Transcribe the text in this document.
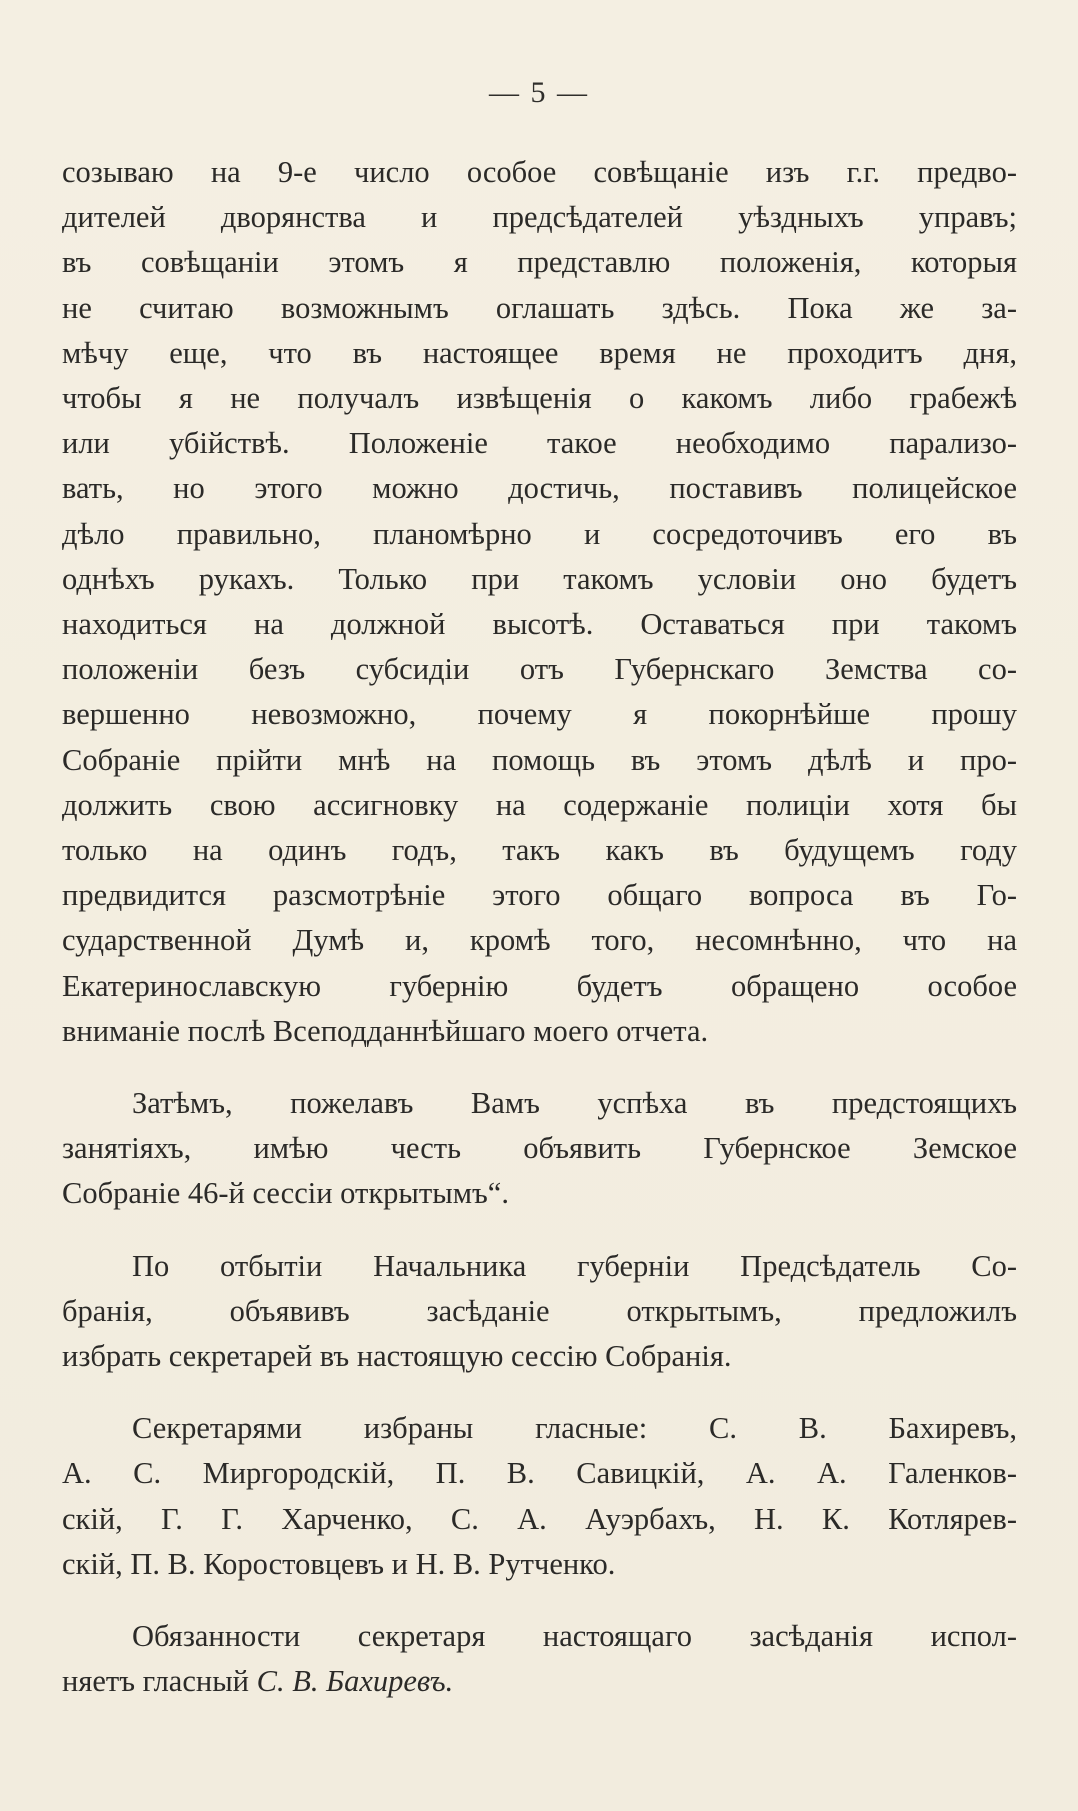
— 5 —
созываю на 9-е число особое совѣщаніе изъ г.г. предво-
дителей дворянства и предсѣдателей уѣздныхъ управъ;
въ совѣщаніи этомъ я представлю положенія, которыя
не считаю возможнымъ оглашать здѣсь. Пока же за-
мѣчу еще, что въ настоящее время не проходитъ дня,
чтобы я не получалъ извѣщенія о какомъ либо грабежѣ
или убійствѣ. Положеніе такое необходимо парализо-
вать, но этого можно достичь, поставивъ полицейское
дѣло правильно, планомѣрно и сосредоточивъ его въ
однѣхъ рукахъ. Только при такомъ условіи оно будетъ
находиться на должной высотѣ. Оставаться при такомъ
положеніи безъ субсидіи отъ Губернскаго Земства со-
вершенно невозможно, почему я покорнѣйше прошу
Собраніе прійти мнѣ на помощь въ этомъ дѣлѣ и про-
должить свою ассигновку на содержаніе полиціи хотя бы
только на одинъ годъ, такъ какъ въ будущемъ году
предвидится разсмотрѣніе этого общаго вопроса въ Го-
сударственной Думѣ и, кромѣ того, несомнѣнно, что на
Екатеринославскую губернію будетъ обращено особое
вниманіе послѣ Всеподданнѣйшаго моего отчета.
Затѣмъ, пожелавъ Вамъ успѣха въ предстоящихъ
занятіяхъ, имѣю честь объявить Губернское Земское
Собраніе 46-й сессіи открытымъ“.
По отбытіи Начальника губерніи Предсѣдатель Со-
бранія, объявивъ засѣданіе открытымъ, предложилъ
избрать секретарей въ настоящую сессію Собранія.
Секретарями избраны гласные: С. В. Бахиревъ,
А. С. Миргородскій, П. В. Савицкій, А. А. Галенков-
скій, Г. Г. Харченко, С. А. Ауэрбахъ, Н. К. Котлярев-
скій, П. В. Коростовцевъ и Н. В. Рутченко.
Обязанности секретаря настоящаго засѣданія испол-
няетъ гласный С. В. Бахиревъ.
